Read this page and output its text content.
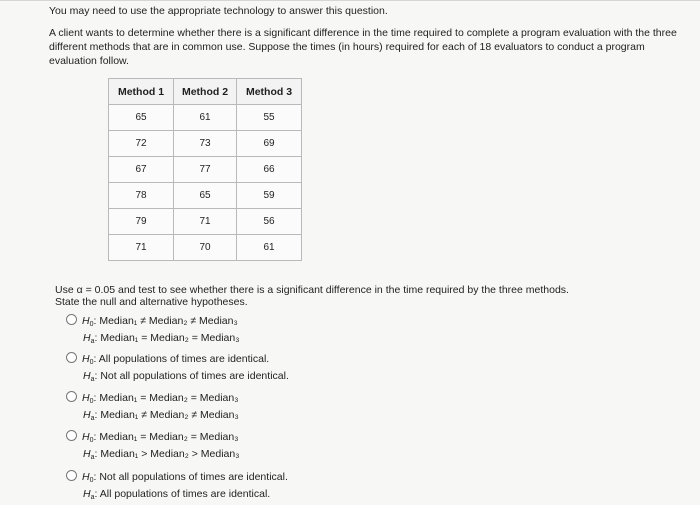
You may need to use the appropriate technology to answer this question.
A client wants to determine whether there is a significant difference in the time required to complete a program evaluation with the three different methods that are in common use. Suppose the times (in hours) required for each of 18 evaluators to conduct a program evaluation follow.
Method 1	Method 2	Method 3
65	61	55
72	73	69
67	77	66
78	65	59
79	71	56
71	70	61
Use α = 0.05 and test to see whether there is a significant difference in the time required by the three methods.
State the null and alternative hypotheses.
$H_0$: Median₁ ≠ Median₂ ≠ Median₃
$H_a$: Median₁ = Median₂ = Median₃
$H_0$: All populations of times are identical.
$H_a$: Not all populations of times are identical.
$H_0$: Median₁ = Median₂ = Median₃
$H_a$: Median₁ ≠ Median₂ ≠ Median₃
$H_0$: Median₁ = Median₂ = Median₃
$H_a$: Median₁ > Median₂ > Median₃
$H_0$: Not all populations of times are identical.
$H_a$: All populations of times are identical.
